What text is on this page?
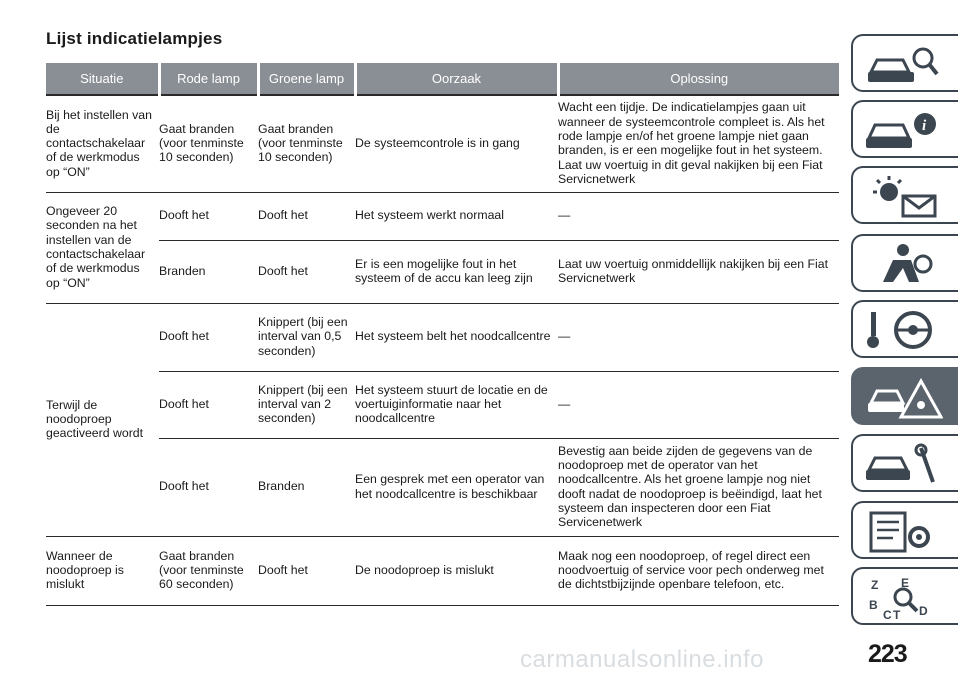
Lijst indicatielampjes
Situatie	Rode lamp	Groene lamp	Oorzaak	Oplossing
Bij het instellen van de contactschakelaar of de werkmodus op “ON”	Gaat branden (voor tenminste 10 seconden)	Gaat branden (voor tenminste 10 seconden)	De systeemcontrole is in gang	Wacht een tijdje. De indicatielampjes gaan uit wanneer de systeemcontrole compleet is. Als het rode lampje en/of het groene lampje niet gaan branden, is er een mogelijke fout in het systeem. Laat uw voertuig in dit geval nakijken bij een Fiat Servicnetwerk
Ongeveer 20 seconden na het instellen van de contactschakelaar of de werkmodus op “ON”	Dooft het	Dooft het	Het systeem werkt normaal	—
	Branden	Dooft het	Er is een mogelijke fout in het systeem of de accu kan leeg zijn	Laat uw voertuig onmiddellijk nakijken bij een Fiat Servicnetwerk
Terwijl de noodoproep geactiveerd wordt	Dooft het	Knippert (bij een interval van 0,5 seconden)	Het systeem belt het noodcallcentre	—
	Dooft het	Knippert (bij een interval van 2 seconden)	Het systeem stuurt de locatie en de voertuiginformatie naar het noodcallcentre	—
	Dooft het	Branden	Een gesprek met een operator van het noodcallcentre is beschikbaar	Bevestig aan beide zijden de gegevens van de noodoproep met de operator van het noodcallcentre. Als het groene lampje nog niet dooft nadat de noodoproep is beëindigd, laat het systeem dan inspecteren door een Fiat Servicenetwerk
Wanneer de noodoproep is mislukt	Gaat branden (voor tenminste 60 seconden)	Dooft het	De noodoproep is mislukt	Maak nog een noodoproep, of regel direct een noodvoertuig of service voor pech onderweg met de dichtstbijzijnde openbare telefoon, etc.
i
Z E
B
C T D
carmanualsonline.info	223
